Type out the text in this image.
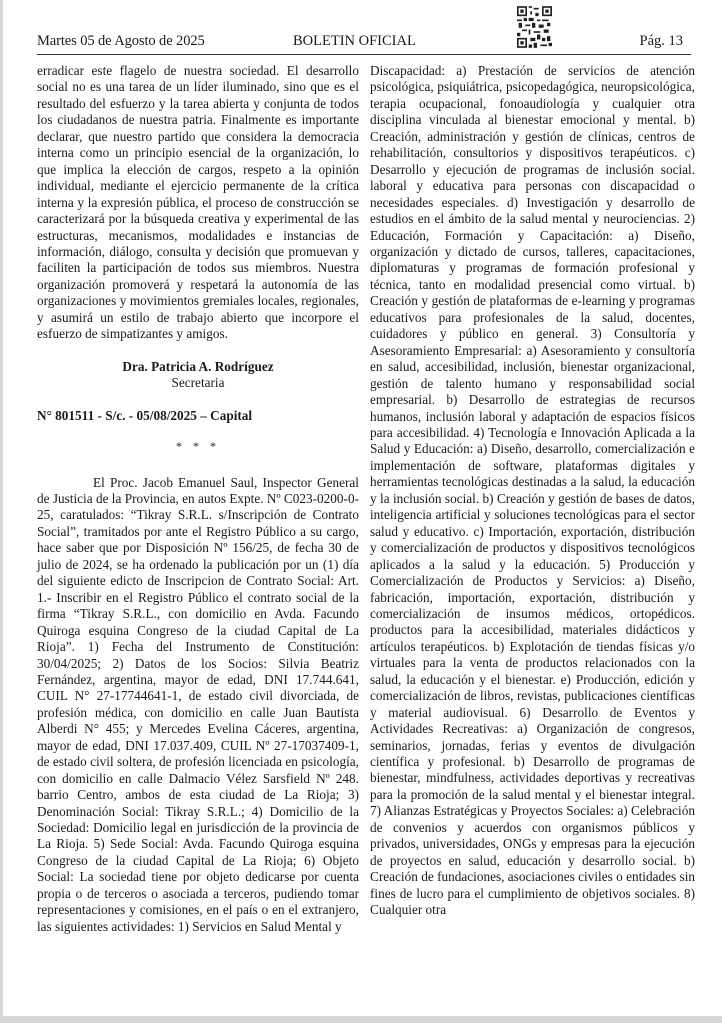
Martes 05 de Agosto de 2025	BOLETIN OFICIAL	Pág. 13

erradicar este flagelo de nuestra sociedad. El desarrollo social no es una tarea de un líder iluminado, sino que es el resultado del esfuerzo y la tarea abierta y conjunta de todos los ciudadanos de nuestra patria. Finalmente es importante declarar, que nuestro partido que considera la democracia interna como un principio esencial de la organización, lo que implica la elección de cargos, respeto a la opinión individual, mediante el ejercicio permanente de la crítica interna y la expresión pública, el proceso de construcción se caracterizará por la búsqueda creativa y experimental de las estructuras, mecanismos, modalidades e instancias de información, diálogo, consulta y decisión que promuevan y faciliten la participación de todos sus miembros. Nuestra organización promoverá y respetará la autonomía de las organizaciones y movimientos gremiales locales, regionales, y asumirá un estilo de trabajo abierto que incorpore el esfuerzo de simpatizantes y amigos.

Dra. Patricia A. Rodríguez
Secretaria

N° 801511 - S/c. - 05/08/2025 – Capital

* * *

El Proc. Jacob Emanuel Saul, Inspector General de Justicia de la Provincia, en autos Expte. Nº C023-0200-0-25, caratulados: “Tikray S.R.L. s/Inscripción de Contrato Social”, tramitados por ante el Registro Público a su cargo, hace saber que por Disposición Nº 156/25, de fecha 30 de julio de 2024, se ha ordenado la publicación por un (1) día del siguiente edicto de Inscripcion de Contrato Social: Art. 1.- Inscribir en el Registro Público el contrato social de la firma “Tikray S.R.L., con domicilio en Avda. Facundo Quiroga esquina Congreso de la ciudad Capital de La Rioja”. 1) Fecha del Instrumento de Constitución: 30/04/2025; 2) Datos de los Socios: Silvia Beatriz Fernández, argentina, mayor de edad, DNI 17.744.641, CUIL N° 27-17744641-1, de estado civil divorciada, de profesión médica, con domicilio en calle Juan Bautista Alberdi N° 455; y Mercedes Evelina Cáceres, argentina, mayor de edad, DNI 17.037.409, CUIL Nº 27-17037409-1, de estado civil soltera, de profesión licenciada en psicología, con domicilio en calle Dalmacio Vélez Sarsfield Nº 248. barrio Centro, ambos de esta ciudad de La Rioja; 3) Denominación Social: Tikray S.R.L.; 4) Domicilio de la Sociedad: Domicilio legal en jurisdicción de la provincia de La Rioja. 5) Sede Social: Avda. Facundo Quiroga esquina Congreso de la ciudad Capital de La Rioja; 6) Objeto Social: La sociedad tiene por objeto dedicarse por cuenta propia o de terceros o asociada a terceros, pudiendo tomar representaciones y comisiones, en el país o en el extranjero, las siguientes actividades: 1) Servicios en Salud Mental y

Discapacidad: a) Prestación de servicios de atención psicológica, psiquiátrica, psicopedagógica, neuropsicológica, terapia ocupacional, fonoaudiología y cualquier otra disciplina vinculada al bienestar emocional y mental. b) Creación, administración y gestión de clínicas, centros de rehabilitación, consultorios y dispositivos terapéuticos. c) Desarrollo y ejecución de programas de inclusión social. laboral y educativa para personas con discapacidad o necesidades especiales. d) Investigación y desarrollo de estudios en el ámbito de la salud mental y neurociencias. 2) Educación, Formación y Capacitación: a) Diseño, organización y dictado de cursos, talleres, capacitaciones, diplomaturas y programas de formación profesional y técnica, tanto en modalidad presencial como virtual. b) Creación y gestión de plataformas de e-learning y programas educativos para profesionales de la salud, docentes, cuidadores y público en general. 3) Consultoría y Asesoramiento Empresarial: a) Asesoramiento y consultoría en salud, accesibilidad, inclusión, bienestar organizacional, gestión de talento humano y responsabilidad social empresarial. b) Desarrollo de estrategias de recursos humanos, inclusión laboral y adaptación de espacios físicos para accesibilidad. 4) Tecnología e Innovación Aplicada a la Salud y Educación: a) Diseño, desarrollo, comercialización e implementación de software, plataformas digitales y herramientas tecnológicas destinadas a la salud, la educación y la inclusión social. b) Creación y gestión de bases de datos, inteligencia artificial y soluciones tecnológicas para el sector salud y educativo. c) Importación, exportación, distribución y comercialización de productos y dispositivos tecnológicos aplicados a la salud y la educación. 5) Producción y Comercialización de Productos y Servicios: a) Diseño, fabricación, importación, exportación, distribución y comercialización de insumos médicos, ortopédicos. productos para la accesibilidad, materiales didácticos y artículos terapéuticos. b) Explotación de tiendas físicas y/o virtuales para la venta de productos relacionados con la salud, la educación y el bienestar. e) Producción, edición y comercialización de libros, revistas, publicaciones científicas y material audiovisual. 6) Desarrollo de Eventos y Actividades Recreativas: a) Organización de congresos, seminarios, jornadas, ferias y eventos de divulgación científica y profesional. b) Desarrollo de programas de bienestar, mindfulness, actividades deportivas y recreativas para la promoción de la salud mental y el bienestar integral. 7) Alianzas Estratégicas y Proyectos Sociales: a) Celebración de convenios y acuerdos con organismos públicos y privados, universidades, ONGs y empresas para la ejecución de proyectos en salud, educación y desarrollo social. b) Creación de fundaciones, asociaciones civiles o entidades sin fines de lucro para el cumplimiento de objetivos sociales. 8) Cualquier otra
